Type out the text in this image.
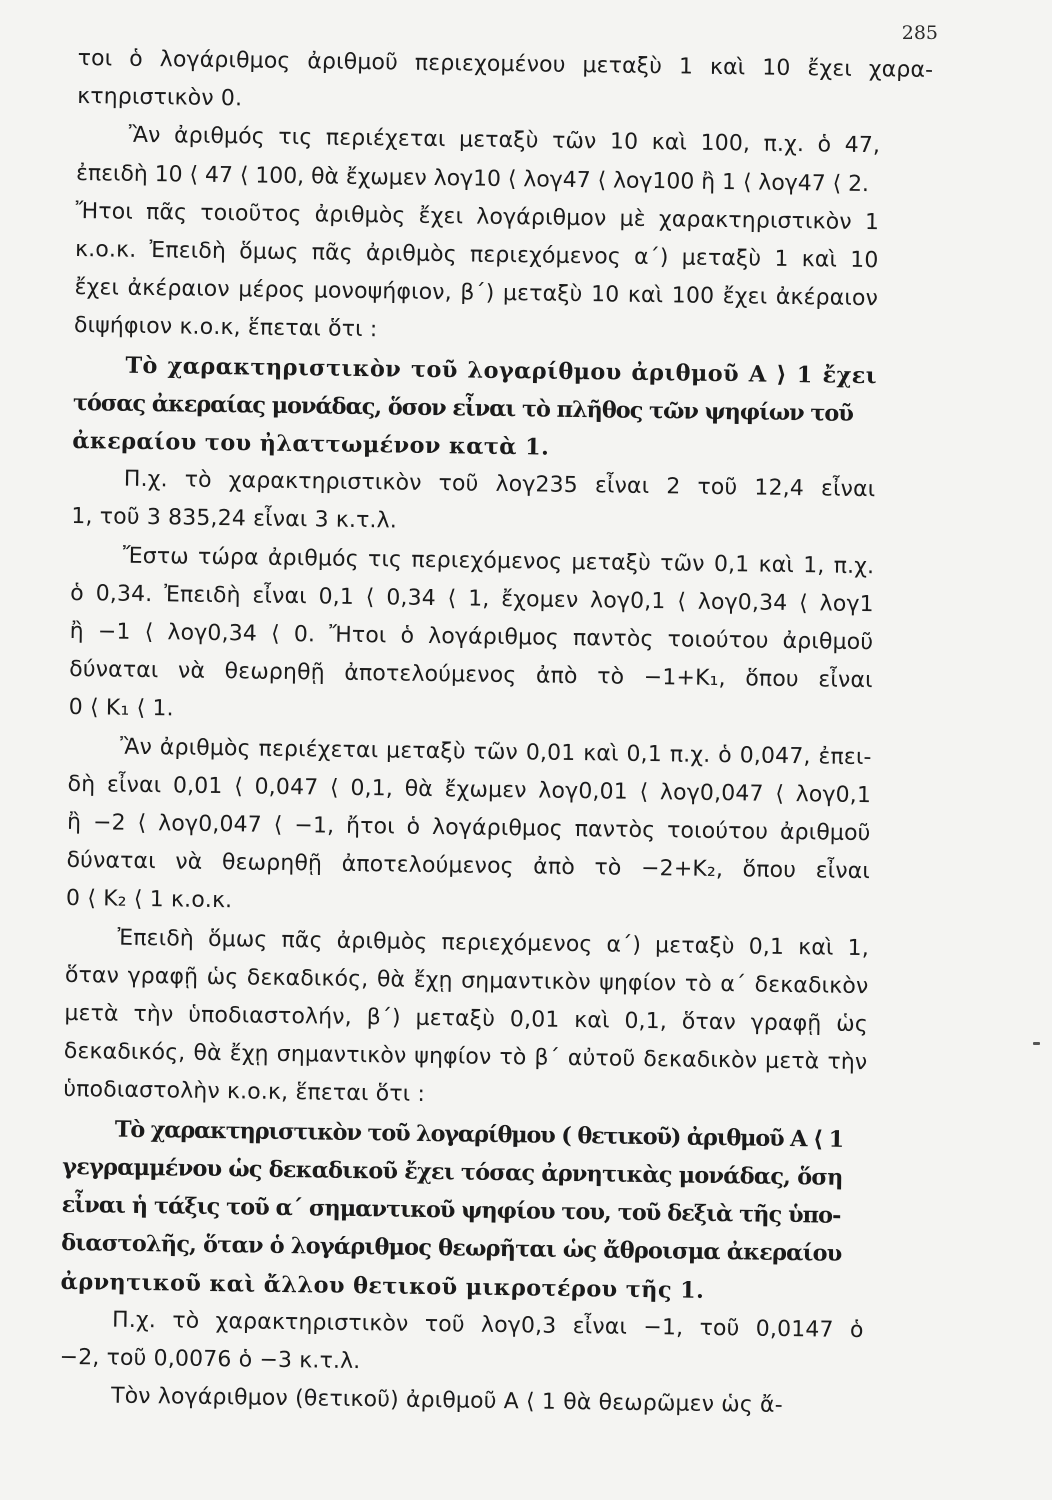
285

τοι ὁ λογάριθμος ἀριθμοῦ περιεχομένου μεταξὺ 1 καὶ 10 ἔχει χαρα-
κτηριστικὸν 0.

Ἂν ἀριθμός τις περιέχεται μεταξὺ τῶν 10 καὶ 100, π.χ. ὁ 47,
ἐπειδὴ 10 ⟨ 47 ⟨ 100, θὰ ἔχωμεν λογ10 ⟨ λογ47 ⟨ λογ100 ἢ 1 ⟨ λογ47 ⟨ 2.
Ἤτοι πᾶς τοιοῦτος ἀριθμὸς ἔχει λογάριθμον μὲ χαρακτηριστικὸν 1
κ.ο.κ. Ἐπειδὴ ὅμως πᾶς ἀριθμὸς περιεχόμενος α΄) μεταξὺ 1 καὶ 10
ἔχει ἀκέραιον μέρος μονοψήφιον, β΄) μεταξὺ 10 καὶ 100 ἔχει ἀκέραιον
διψήφιον κ.ο.κ, ἕπεται ὅτι :

Τὸ χαρακτηριστικὸν τοῦ λογαρίθμου ἀριθμοῦ Α ⟩ 1 ἔχει
τόσας ἀκεραίας μονάδας, ὅσον εἶναι τὸ πλῆθος τῶν ψηφίων τοῦ
ἀκεραίου του ἠλαττωμένον κατὰ 1.

Π.χ. τὸ χαρακτηριστικὸν τοῦ λογ235 εἶναι 2 τοῦ 12,4 εἶναι
1, τοῦ 3 835,24 εἶναι 3 κ.τ.λ.

Ἔστω τώρα ἀριθμός τις περιεχόμενος μεταξὺ τῶν 0,1 καὶ 1, π.χ.
ὁ 0,34. Ἐπειδὴ εἶναι 0,1 ⟨ 0,34 ⟨ 1, ἔχομεν λογ0,1 ⟨ λογ0,34 ⟨ λογ1
ἢ −1 ⟨ λογ0,34 ⟨ 0. Ἤτοι ὁ λογάριθμος παντὸς τοιούτου ἀριθμοῦ
δύναται νὰ θεωρηθῇ ἀποτελούμενος ἀπὸ τὸ −1+K₁, ὅπου εἶναι
0 ⟨ K₁ ⟨ 1.

Ἂν ἀριθμὸς περιέχεται μεταξὺ τῶν 0,01 καὶ 0,1 π.χ. ὁ 0,047, ἐπει-
δὴ εἶναι 0,01 ⟨ 0,047 ⟨ 0,1, θὰ ἔχωμεν λογ0,01 ⟨ λογ0,047 ⟨ λογ0,1
ἢ −2 ⟨ λογ0,047 ⟨ −1, ἤτοι ὁ λογάριθμος παντὸς τοιούτου ἀριθμοῦ
δύναται νὰ θεωρηθῇ ἀποτελούμενος ἀπὸ τὸ −2+K₂, ὅπου εἶναι
0 ⟨ K₂ ⟨ 1 κ.ο.κ.

Ἐπειδὴ ὅμως πᾶς ἀριθμὸς περιεχόμενος α΄) μεταξὺ 0,1 καὶ 1,
ὅταν γραφῇ ὡς δεκαδικός, θὰ ἔχῃ σημαντικὸν ψηφίον τὸ α΄ δεκαδικὸν
μετὰ τὴν ὑποδιαστολήν, β΄) μεταξὺ 0,01 καὶ 0,1, ὅταν γραφῇ ὡς
δεκαδικός, θὰ ἔχῃ σημαντικὸν ψηφίον τὸ β΄ αὐτοῦ δεκαδικὸν μετὰ τὴν
ὑποδιαστολὴν κ.ο.κ, ἕπεται ὅτι :

Τὸ χαρακτηριστικὸν τοῦ λογαρίθμου ( θετικοῦ) ἀριθμοῦ Α ⟨ 1
γεγραμμένου ὡς δεκαδικοῦ ἔχει τόσας ἀρνητικὰς μονάδας, ὅση
εἶναι ἡ τάξις τοῦ α΄ σημαντικοῦ ψηφίου του, τοῦ δεξιὰ τῆς ὑπο-
διαστολῆς, ὅταν ὁ λογάριθμος θεωρῆται ὡς ἄθροισμα ἀκεραίου
ἀρνητικοῦ καὶ ἄλλου θετικοῦ μικροτέρου τῆς 1.

Π.χ. τὸ χαρακτηριστικὸν τοῦ λογ0,3 εἶναι −1, τοῦ 0,0147 ὁ
−2, τοῦ 0,0076 ὁ −3 κ.τ.λ.

Τὸν λογάριθμον (θετικοῦ) ἀριθμοῦ Α ⟨ 1 θὰ θεωρῶμεν ὡς ἄ-
